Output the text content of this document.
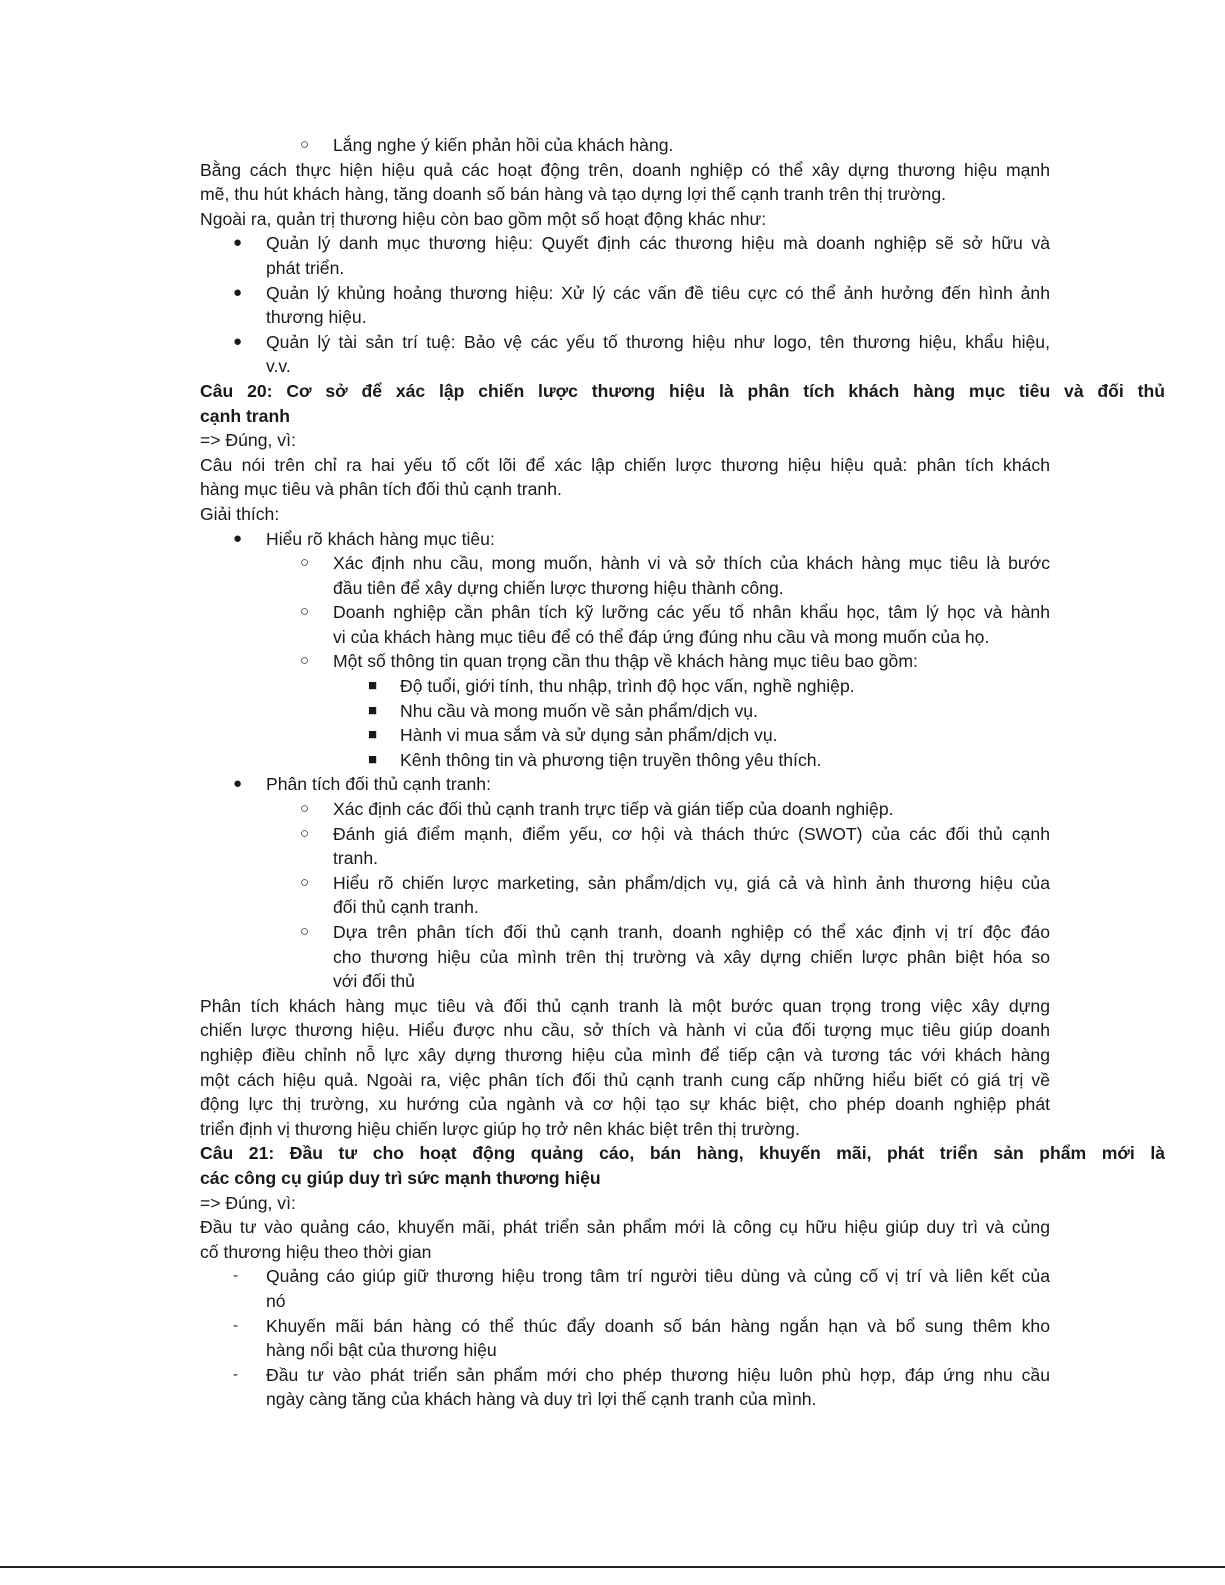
○ Lắng nghe ý kiến phản hồi của khách hàng.
Bằng cách thực hiện hiệu quả các hoạt động trên, doanh nghiệp có thể xây dựng thương hiệu mạnh
mẽ, thu hút khách hàng, tăng doanh số bán hàng và tạo dựng lợi thế cạnh tranh trên thị trường.
Ngoài ra, quản trị thương hiệu còn bao gồm một số hoạt động khác như:
● Quản lý danh mục thương hiệu: Quyết định các thương hiệu mà doanh nghiệp sẽ sở hữu và
phát triển.
● Quản lý khủng hoảng thương hiệu: Xử lý các vấn đề tiêu cực có thể ảnh hưởng đến hình ảnh
thương hiệu.
● Quản lý tài sản trí tuệ: Bảo vệ các yếu tố thương hiệu như logo, tên thương hiệu, khẩu hiệu,
v.v.
Câu 20: Cơ sở để xác lập chiến lược thương hiệu là phân tích khách hàng mục tiêu và đối thủ
cạnh tranh
=> Đúng, vì:
Câu nói trên chỉ ra hai yếu tố cốt lõi để xác lập chiến lược thương hiệu hiệu quả: phân tích khách
hàng mục tiêu và phân tích đối thủ cạnh tranh.
Giải thích:
● Hiểu rõ khách hàng mục tiêu:
○ Xác định nhu cầu, mong muốn, hành vi và sở thích của khách hàng mục tiêu là bước
đầu tiên để xây dựng chiến lược thương hiệu thành công.
○ Doanh nghiệp cần phân tích kỹ lưỡng các yếu tố nhân khẩu học, tâm lý học và hành
vi của khách hàng mục tiêu để có thể đáp ứng đúng nhu cầu và mong muốn của họ.
○ Một số thông tin quan trọng cần thu thập về khách hàng mục tiêu bao gồm:
■ Độ tuổi, giới tính, thu nhập, trình độ học vấn, nghề nghiệp.
■ Nhu cầu và mong muốn về sản phẩm/dịch vụ.
■ Hành vi mua sắm và sử dụng sản phẩm/dịch vụ.
■ Kênh thông tin và phương tiện truyền thông yêu thích.
● Phân tích đối thủ cạnh tranh:
○ Xác định các đối thủ cạnh tranh trực tiếp và gián tiếp của doanh nghiệp.
○ Đánh giá điểm mạnh, điểm yếu, cơ hội và thách thức (SWOT) của các đối thủ cạnh
tranh.
○ Hiểu rõ chiến lược marketing, sản phẩm/dịch vụ, giá cả và hình ảnh thương hiệu của
đối thủ cạnh tranh.
○ Dựa trên phân tích đối thủ cạnh tranh, doanh nghiệp có thể xác định vị trí độc đáo
cho thương hiệu của mình trên thị trường và xây dựng chiến lược phân biệt hóa so
với đối thủ
Phân tích khách hàng mục tiêu và đối thủ cạnh tranh là một bước quan trọng trong việc xây dựng
chiến lược thương hiệu. Hiểu được nhu cầu, sở thích và hành vi của đối tượng mục tiêu giúp doanh
nghiệp điều chỉnh nỗ lực xây dựng thương hiệu của mình để tiếp cận và tương tác với khách hàng
một cách hiệu quả. Ngoài ra, việc phân tích đối thủ cạnh tranh cung cấp những hiểu biết có giá trị về
động lực thị trường, xu hướng của ngành và cơ hội tạo sự khác biệt, cho phép doanh nghiệp phát
triển định vị thương hiệu chiến lược giúp họ trở nên khác biệt trên thị trường.
Câu 21: Đầu tư cho hoạt động quảng cáo, bán hàng, khuyến mãi, phát triển sản phẩm mới là
các công cụ giúp duy trì sức mạnh thương hiệu
=> Đúng, vì:
Đầu tư vào quảng cáo, khuyến mãi, phát triển sản phẩm mới là công cụ hữu hiệu giúp duy trì và củng
cố thương hiệu theo thời gian
- Quảng cáo giúp giữ thương hiệu trong tâm trí người tiêu dùng và củng cố vị trí và liên kết của
nó
- Khuyến mãi bán hàng có thể thúc đẩy doanh số bán hàng ngắn hạn và bổ sung thêm kho
hàng nổi bật của thương hiệu
- Đầu tư vào phát triển sản phẩm mới cho phép thương hiệu luôn phù hợp, đáp ứng nhu cầu
ngày càng tăng của khách hàng và duy trì lợi thế cạnh tranh của mình.
